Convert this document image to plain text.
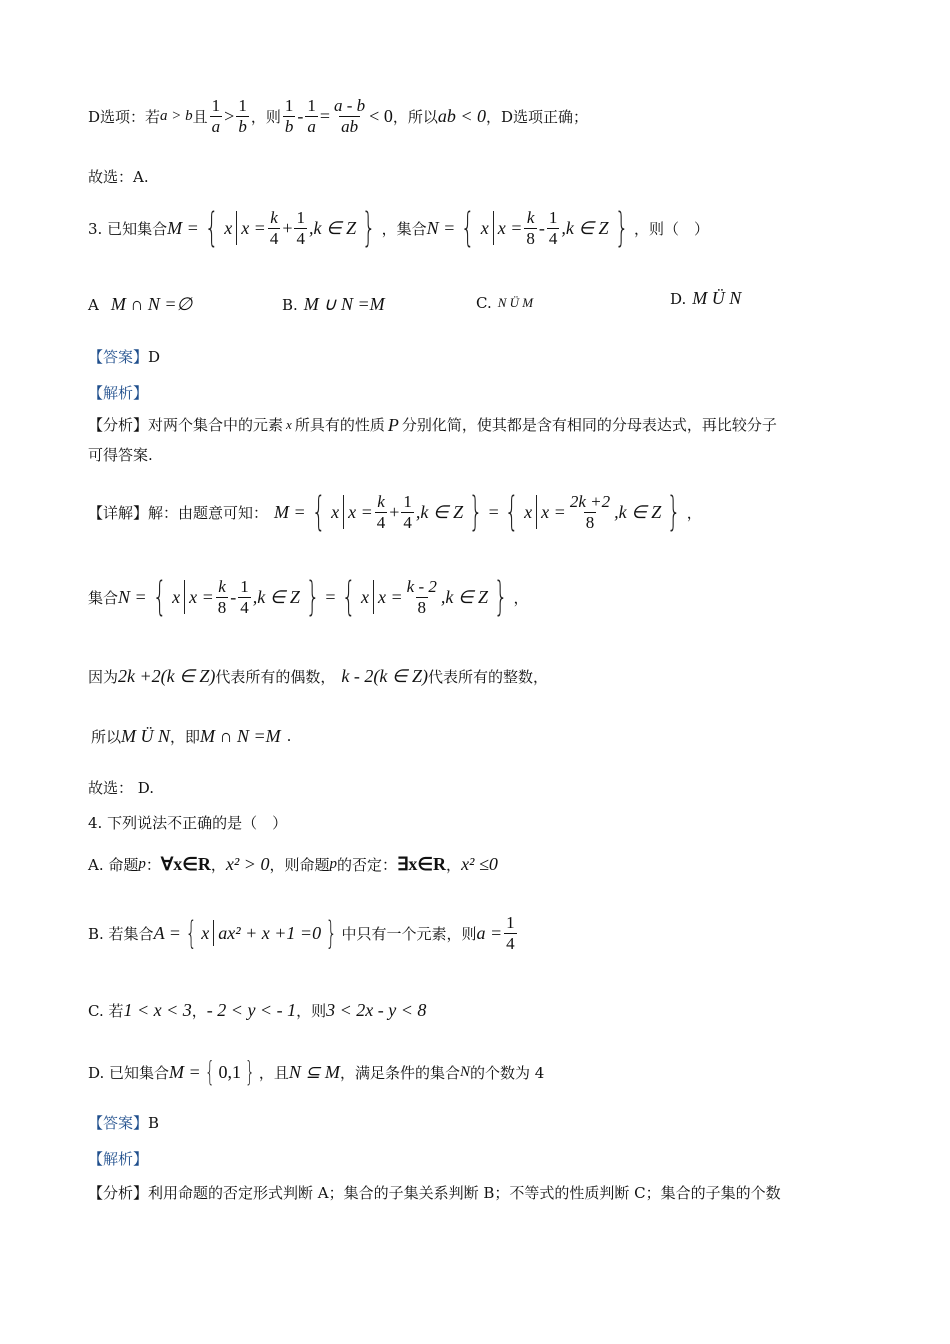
D选项：若 a > b 且 $\frac{1}{a} > \frac{1}{b}$ ，则 $\frac{1}{b} - \frac{1}{a} = \frac{a - b}{ab} < 0$ ，所以 ab < 0 ，D选项正确；
故选：A.
3. 已知集合 M = { x $x = \frac{k}{4} + \frac{1}{4} ,k$ ∈ Z } ，集合 N = { x $x = \frac{k}{8} - \frac{1}{4} ,k$ ∈ Z } ，则（　）
A M ∩ N =∅	B. M ∪ N =M	C. N Ü M	D. M Ü N
【答案】 D
【解析】
【分析】 对两个集合中的元素 x 所具有的性质 P 分别化简，使其都是含有相同的分母表达式，再比较分子
可得答案.
【详解】 解：由题意可知： M = { x $x = \frac{k}{4} + \frac{1}{4} ,k$ ∈ Z } = { x $x = \frac{2k +2}{8} ,k$ ∈ Z } ，
集合 N = { x $x = \frac{k}{8} - \frac{1}{4} ,k$ ∈ Z } = { x $x = \frac{k - 2}{8} ,k$ ∈ Z } ，
因为 2k +2(k ∈ Z) 代表所有的偶数， k - 2(k ∈ Z) 代表所有的整数，
所以 M Ü N ，即 M ∩ N =M .
故选： D.
4. 下列说法不正确的是（　）
A. 命题 p ： ∀x∈R ， x² > 0 ，则命题 p 的否定： ∃x∈R ， x² ≤0
B. 若集合 A = { x ax² + x +1 =0 } 中只有一个元素，则 $a = \frac{1}{4}$
C. 若 1 < x < 3 ， - 2 < y < - 1 ，则 3 < 2x - y < 8
D. 已知集合 M = { 0,1 } ，且 N ⊆ M ，满足条件的集合 N 的个数为 4
【答案】 B
【解析】
【分析】 利用命题的否定形式判断 A；集合的子集关系判断 B；不等式的性质判断 C；集合的子集的个数
